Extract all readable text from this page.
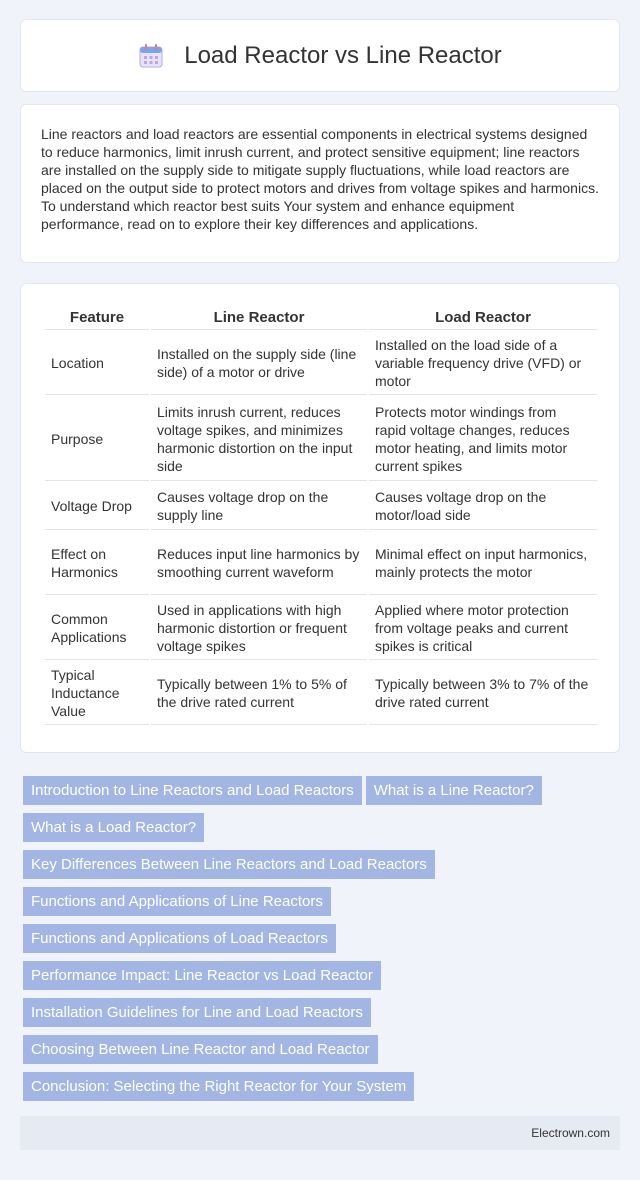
Load Reactor vs Line Reactor

Line reactors and load reactors are essential components in electrical systems designed to reduce harmonics, limit inrush current, and protect sensitive equipment; line reactors are installed on the supply side to mitigate supply fluctuations, while load reactors are placed on the output side to protect motors and drives from voltage spikes and harmonics. To understand which reactor best suits Your system and enhance equipment performance, read on to explore their key differences and applications.

Feature	Line Reactor	Load Reactor
Location	Installed on the supply side (line side) of a motor or drive	Installed on the load side of a variable frequency drive (VFD) or motor
Purpose	Limits inrush current, reduces voltage spikes, and minimizes harmonic distortion on the input side	Protects motor windings from rapid voltage changes, reduces motor heating, and limits motor current spikes
Voltage Drop	Causes voltage drop on the supply line	Causes voltage drop on the motor/load side
Effect on Harmonics	Reduces input line harmonics by smoothing current waveform	Minimal effect on input harmonics, mainly protects the motor
Common Applications	Used in applications with high harmonic distortion or frequent voltage spikes	Applied where motor protection from voltage peaks and current spikes is critical
Typical Inductance Value	Typically between 1% to 5% of the drive rated current	Typically between 3% to 7% of the drive rated current
Introduction to Line Reactors and Load Reactors What is a Line Reactor?What is a Load Reactor?Key Differences Between Line Reactors and Load ReactorsFunctions and Applications of Line ReactorsFunctions and Applications of Load ReactorsPerformance Impact: Line Reactor vs Load ReactorInstallation Guidelines for Line and Load ReactorsChoosing Between Line Reactor and Load ReactorConclusion: Selecting the Right Reactor for Your System
Electrown.com
